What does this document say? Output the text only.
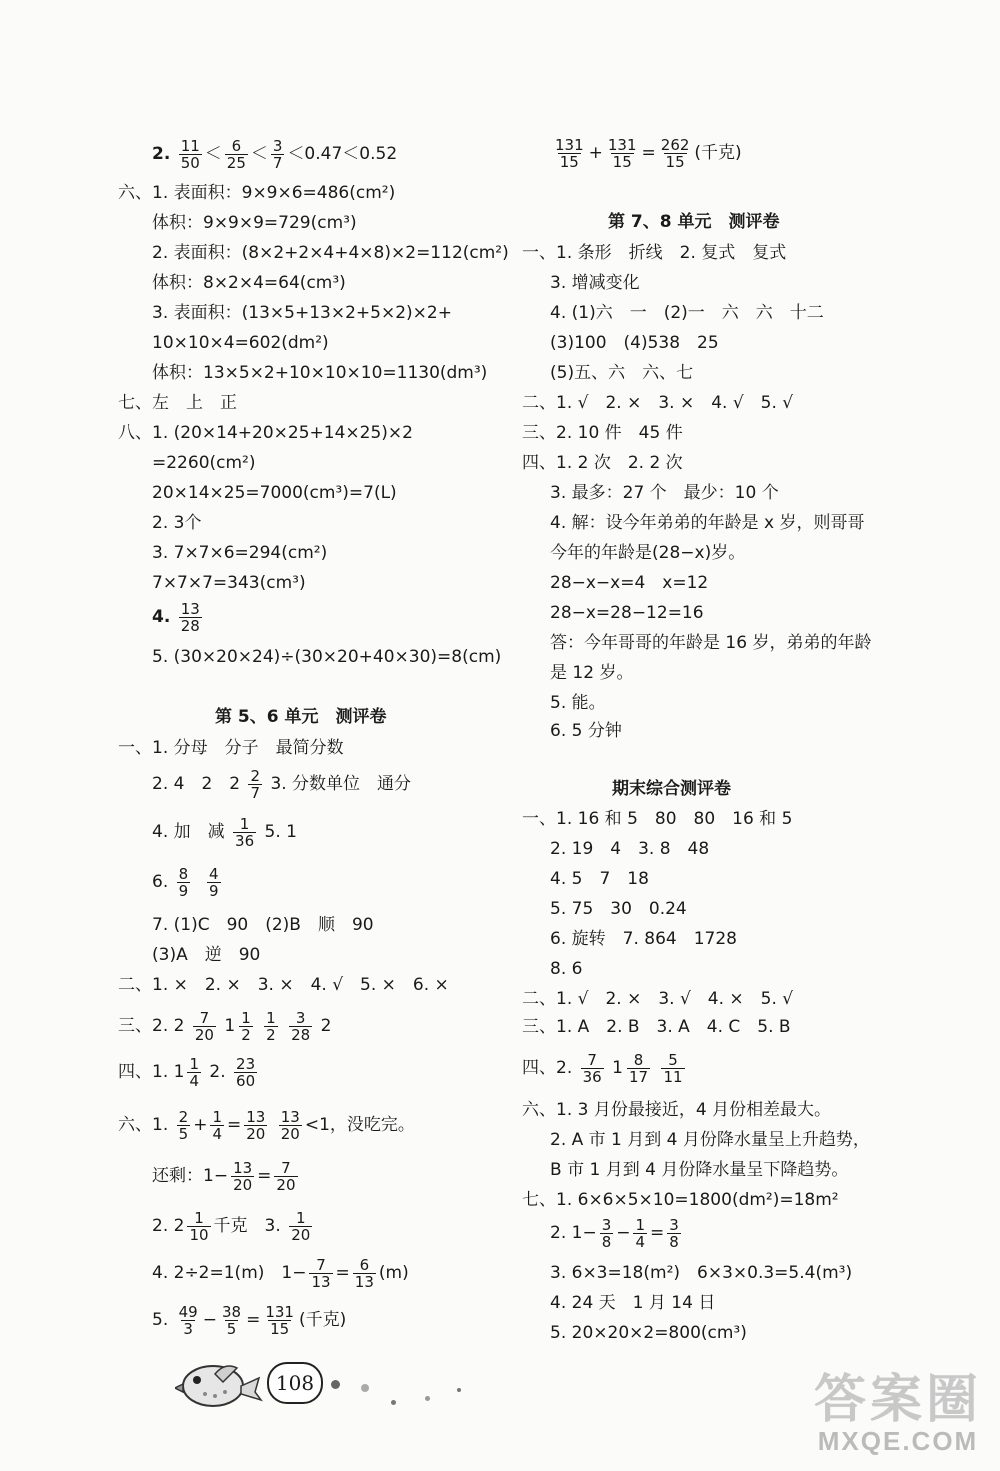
2.
$\frac{11}{50} < \frac{6}{25} < \frac{3}{7} <0.47<0.52$
六、1. 表面积：9×9×6=486(cm²)
体积：9×9×9=729(cm³)
2. 表面积：(8×2+2×4+4×8)×2=112(cm²)
体积：8×2×4=64(cm³)
3. 表面积：(13×5+13×2+5×2)×2+
10×10×4=602(dm²)
体积：13×5×2+10×10×10=1130(dm³)
七、左　上　正
八、1. (20×14+20×25+14×25)×2
=2260(cm²)
20×14×25=7000(cm³)=7(L)
2. 3个
3. 7×7×6=294(cm²)
7×7×7=343(cm³)
4.
$\frac{13}{28}$
5. (30×20×24)÷(30×20+40×30)=8(cm)
第 5、6 单元　测评卷
一、1. 分母　分子　最简分数
2. 4　2　2
$\frac{2}{7}$
3. 分数单位　通分
4. 加　减
$\frac{1}{36}$
5. 1
6.
$\frac{8}{9}$
$\frac{4}{9}$
7. (1)C　90　(2)B　顺　90
(3)A　逆　90
二、1. ×　2. ×　3. ×　4. √　5. ×　6. ×
三、2. 2
$\frac{7}{20}$
$1 \frac{1}{2}$
$\frac{1}{2}$
$\frac{3}{28}$
2
四、1. $1 \frac{1}{4}$
2.
$\frac{23}{60}$
六、1.
$\frac{2}{5} + \frac{1}{4} = \frac{13}{20}$
$\frac{13}{20} <1$，没吃完。
还剩：$1- \frac{13}{20} = \frac{7}{20}$
2. $2 \frac{1}{10}$ 千克　3.
$\frac{1}{20}$
4. 2÷2=1(m)　$1- \frac{7}{13} = \frac{6}{13} (m)$
5.
$\frac{49}{3} - \frac{38}{5} = \frac{131}{15}$ (千克)
$\frac{131}{15} + \frac{131}{15} = \frac{262}{15}$ (千克)
第 7、8 单元　测评卷
一、1. 条形　折线　2. 复式　复式
3. 增减变化
4. (1)六　一　(2)一　六　六　十二
(3)100　(4)538　25
(5)五、六　六、七
二、1. √　2. ×　3. ×　4. √　5. √
三、2. 10 件　45 件
四、1. 2 次　2. 2 次
3. 最多：27 个　最少：10 个
4. 解：设今年弟弟的年龄是 x 岁，则哥哥
今年的年龄是(28−x)岁。
28−x−x=4　x=12
28−x=28−12=16
答：今年哥哥的年龄是 16 岁，弟弟的年龄
是 12 岁。
5. 能。
6. 5 分钟
期末综合测评卷
一、1. 16 和 5　80　80　16 和 5
2. 19　4　3. 8　48
4. 5　7　18
5. 75　30　0.24
6. 旋转　7. 864　1728
8. 6
二、1. √　2. ×　3. √　4. ×　5. √
三、1. A　2. B　3. A　4. C　5. B
四、2.
$\frac{7}{36}$
$1 \frac{8}{17}$
$\frac{5}{11}$
六、1. 3 月份最接近，4 月份相差最大。
2. A 市 1 月到 4 月份降水量呈上升趋势，
B 市 1 月到 4 月份降水量呈下降趋势。
七、1. 6×6×5×10=1800(dm²)=18m²
2. $1- \frac{3}{8} - \frac{1}{4} = \frac{3}{8}$
3. 6×3=18(m²)　6×3×0.3=5.4(m³)
4. 24 天　1 月 14 日
5. 20×20×2=800(cm³)
108	答案圈
MXQE.COM
